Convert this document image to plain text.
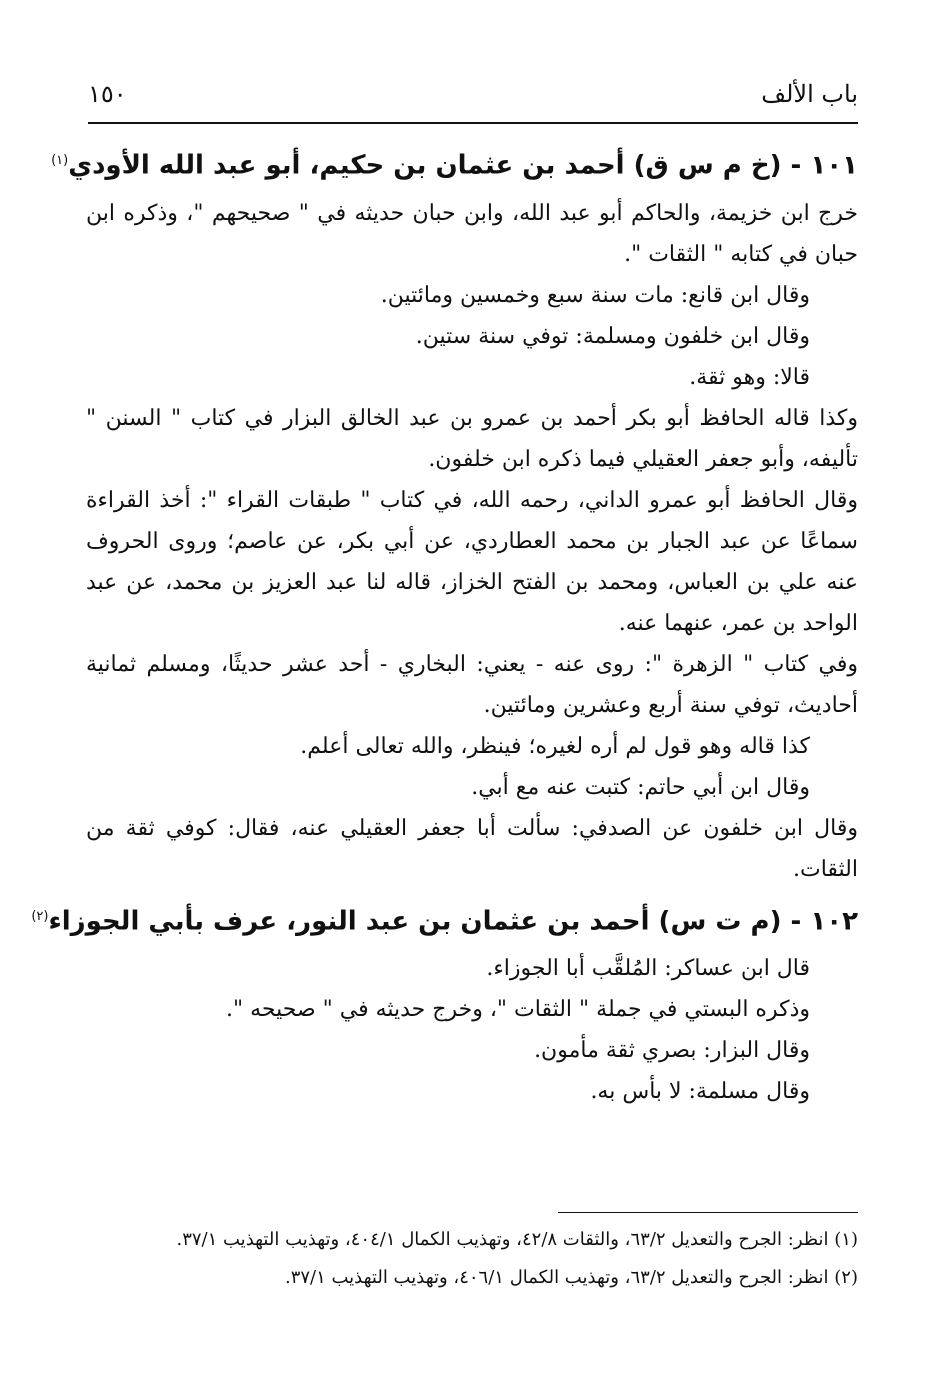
باب الألف
١٥٠
١٠١ - (خ م س ق) أحمد بن عثمان بن حكيم، أبو عبد الله الأودي$^{(١)}$

خرج ابن خزيمة، والحاكم أبو عبد الله، وابن حبان حديثه في " صحيحهم "، وذكره ابن حبان في كتابه " الثقات ".

وقال ابن قانع: مات سنة سبع وخمسين ومائتين.

وقال ابن خلفون ومسلمة: توفي سنة ستين.

قالا: وهو ثقة.

وكذا قاله الحافظ أبو بكر أحمد بن عمرو بن عبد الخالق البزار في كتاب " السنن " تأليفه، وأبو جعفر العقيلي فيما ذكره ابن خلفون.

وقال الحافظ أبو عمرو الداني، رحمه الله، في كتاب " طبقات القراء ": أخذ القراءة سماعًا عن عبد الجبار بن محمد العطاردي، عن أبي بكر، عن عاصم؛ وروى الحروف عنه علي بن العباس، ومحمد بن الفتح الخزاز، قاله لنا عبد العزيز بن محمد، عن عبد الواحد بن عمر، عنهما عنه.

وفي كتاب " الزهرة ": روى عنه - يعني: البخاري - أحد عشر حديثًا، ومسلم ثمانية أحاديث، توفي سنة أربع وعشرين ومائتين.

كذا قاله وهو قول لم أره لغيره؛ فينظر، والله تعالى أعلم.

وقال ابن أبي حاتم: كتبت عنه مع أبي.

وقال ابن خلفون عن الصدفي: سألت أبا جعفر العقيلي عنه، فقال: كوفي ثقة من الثقات.

١٠٢ - (م ت س) أحمد بن عثمان بن عبد النور، عرف بأبي الجوزاء$^{(٢)}$

قال ابن عساكر: المُلقَّب أبا الجوزاء.

وذكره البستي في جملة " الثقات "، وخرج حديثه في " صحيحه ".

وقال البزار: بصري ثقة مأمون.

وقال مسلمة: لا بأس به.

(١) انظر: الجرح والتعديل ٦٣/٢، والثقات ٤٢/٨، وتهذيب الكمال ٤٠٤/١، وتهذيب التهذيب ٣٧/١.

(٢) انظر: الجرح والتعديل ٦٣/٢، وتهذيب الكمال ٤٠٦/١، وتهذيب التهذيب ٣٧/١.
